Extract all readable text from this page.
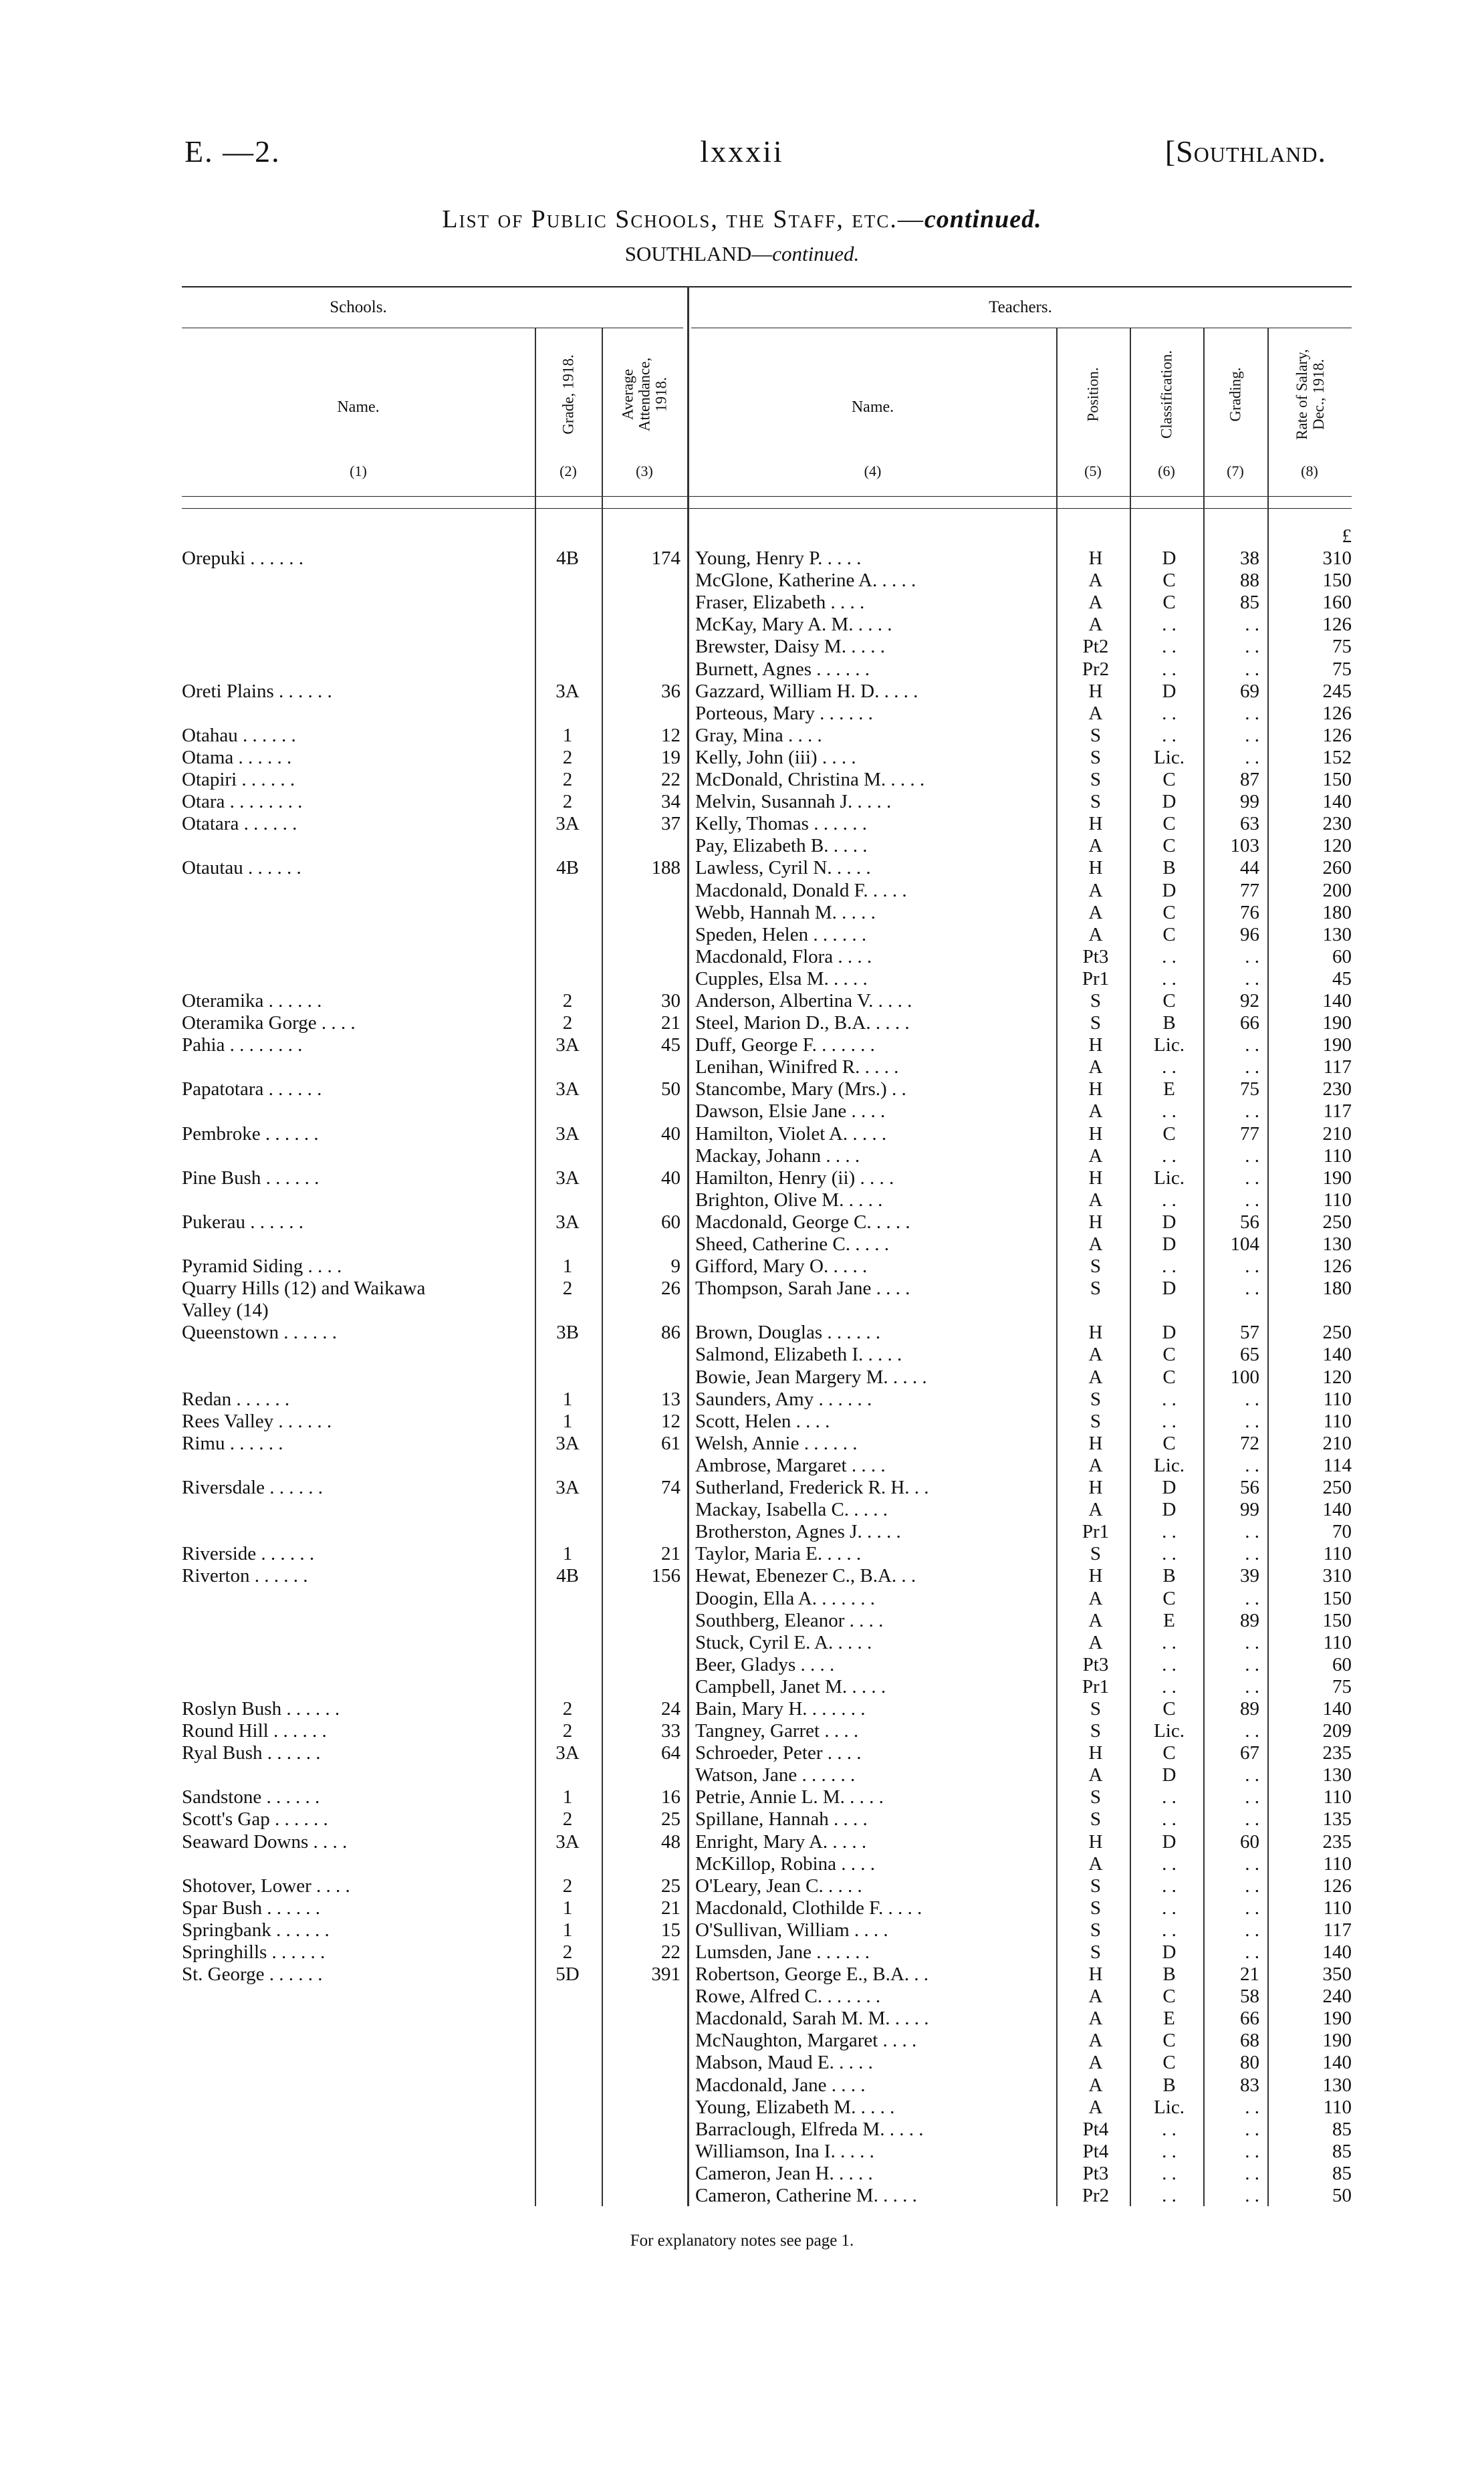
E. —2.	lxxxii	[Southland.
List of Public Schools, the Staff, etc.—continued.
SOUTHLAND—continued.
Schools.	Teachers.
Name.	Grade, 1918.	Average Attendance, 1918.	Name.	Position.	Classification.	Grading.	Rate of Salary, Dec., 1918.
(1)	(2)	(3)	(4)	(5)	(6)	(7)	(8)
£
Orepuki . . . . . .	4B	174 Young, Henry P. . . . .	H	D	38	310
McGlone, Katherine A. . . . .	A	C	88	150
Fraser, Elizabeth . . . .	A	C	85	160
McKay, Mary A. M. . . . .	A	. .	. .	126
Brewster, Daisy M. . . . .	Pt2	. .	. .	75
Burnett, Agnes . . . . . .	Pr2	. .	. .	75
Oreti Plains . . . . . .	3A	36 Gazzard, William H. D. . . . .	H	D	69	245
Porteous, Mary . . . . . .	A	. .	. .	126
Otahau . . . . . .	1	12 Gray, Mina . . . .	S	. .	. .	126
Otama . . . . . .	2	19 Kelly, John (iii) . . . .	S	Lic.	. .	152
Otapiri . . . . . .	2	22 McDonald, Christina M. . . . .	S	C	87	150
Otara . . . . . . . .	2	34 Melvin, Susannah J. . . . .	S	D	99	140
Otatara . . . . . .	3A	37 Kelly, Thomas . . . . . .	H	C	63	230
Pay, Elizabeth B. . . . .	A	C	103	120
Otautau . . . . . .	4B	188 Lawless, Cyril N. . . . .	H	B	44	260
Macdonald, Donald F. . . . .	A	D	77	200
Webb, Hannah M. . . . .	A	C	76	180
Speden, Helen . . . . . .	A	C	96	130
Macdonald, Flora . . . .	Pt3	. .	. .	60
Cupples, Elsa M. . . . .	Pr1	. .	. .	45
Oteramika . . . . . .	2	30 Anderson, Albertina V. . . . .	S	C	92	140
Oteramika Gorge . . . .	2	21 Steel, Marion D., B.A. . . . .	S	B	66	190
Pahia . . . . . . . .	3A	45 Duff, George F. . . . . . .	H	Lic.	. .	190
Lenihan, Winifred R. . . . .	A	. .	. .	117
Papatotara . . . . . .	3A	50 Stancombe, Mary (Mrs.) . .	H	E	75	230
Dawson, Elsie Jane . . . .	A	. .	. .	117
Pembroke . . . . . .	3A	40 Hamilton, Violet A. . . . .	H	C	77	210
Mackay, Johann . . . .	A	. .	. .	110
Pine Bush . . . . . .	3A	40 Hamilton, Henry (ii) . . . .	H	Lic.	. .	190
Brighton, Olive M. . . . .	A	. .	. .	110
Pukerau . . . . . .	3A	60 Macdonald, George C. . . . .	H	D	56	250
Sheed, Catherine C. . . . .	A	D	104	130
Pyramid Siding . . . .	1	9 Gifford, Mary O. . . . .	S	. .	. .	126
Quarry Hills (12) and Waikawa	2	26 Thompson, Sarah Jane . . . .	S	D	. .	180
Valley (14)
Queenstown . . . . . .	3B	86 Brown, Douglas . . . . . .	H	D	57	250
Salmond, Elizabeth I. . . . .	A	C	65	140
Bowie, Jean Margery M. . . . .	A	C	100	120
Redan . . . . . .	1	13 Saunders, Amy . . . . . .	S	. .	. .	110
Rees Valley . . . . . .	1	12 Scott, Helen . . . .	S	. .	. .	110
Rimu . . . . . .	3A	61 Welsh, Annie . . . . . .	H	C	72	210
Ambrose, Margaret . . . .	A	Lic.	. .	114
Riversdale . . . . . .	3A	74 Sutherland, Frederick R. H. . .	H	D	56	250
Mackay, Isabella C. . . . .	A	D	99	140
Brotherston, Agnes J. . . . .	Pr1	. .	. .	70
Riverside . . . . . .	1	21 Taylor, Maria E. . . . .	S	. .	. .	110
Riverton . . . . . .	4B	156 Hewat, Ebenezer C., B.A. . .	H	B	39	310
Doogin, Ella A. . . . . . .	A	C	. .	150
Southberg, Eleanor . . . .	A	E	89	150
Stuck, Cyril E. A. . . . .	A	. .	. .	110
Beer, Gladys . . . .	Pt3	. .	. .	60
Campbell, Janet M. . . . .	Pr1	. .	. .	75
Roslyn Bush . . . . . .	2	24 Bain, Mary H. . . . . . .	S	C	89	140
Round Hill . . . . . .	2	33 Tangney, Garret . . . .	S	Lic.	. .	209
Ryal Bush . . . . . .	3A	64 Schroeder, Peter . . . .	H	C	67	235
Watson, Jane . . . . . .	A	D	. .	130
Sandstone . . . . . .	1	16 Petrie, Annie L. M. . . . .	S	. .	. .	110
Scott's Gap . . . . . .	2	25 Spillane, Hannah . . . .	S	. .	. .	135
Seaward Downs . . . .	3A	48 Enright, Mary A. . . . .	H	D	60	235
McKillop, Robina . . . .	A	. .	. .	110
Shotover, Lower . . . .	2	25 O'Leary, Jean C. . . . .	S	. .	. .	126
Spar Bush . . . . . .	1	21 Macdonald, Clothilde F. . . . .	S	. .	. .	110
Springbank . . . . . .	1	15 O'Sullivan, William . . . .	S	. .	. .	117
Springhills . . . . . .	2	22 Lumsden, Jane . . . . . .	S	D	. .	140
St. George . . . . . .	5D	391 Robertson, George E., B.A. . .	H	B	21	350
Rowe, Alfred C. . . . . . .	A	C	58	240
Macdonald, Sarah M. M. . . . .	A	E	66	190
McNaughton, Margaret . . . .	A	C	68	190
Mabson, Maud E. . . . .	A	C	80	140
Macdonald, Jane . . . .	A	B	83	130
Young, Elizabeth M. . . . .	A	Lic.	. .	110
Barraclough, Elfreda M. . . . .	Pt4	. .	. .	85
Williamson, Ina I. . . . .	Pt4	. .	. .	85
Cameron, Jean H. . . . .	Pt3	. .	. .	85
Cameron, Catherine M. . . . .	Pr2	. .	. .	50
For explanatory notes see page 1.
